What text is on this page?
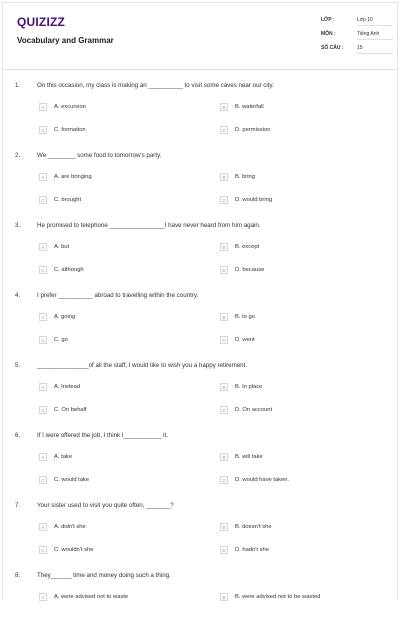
QUIZIZZ
Vocabulary and Grammar
LỚP :	Lớp 10
MÔN :	Tiếng Anh
SỐ CÂU :	15
1.	On this occasion, my class is making an __________ to visit some caves near our city.
A	A. excursion	B	B. waterfall
C	C. formation	D	D. permission
2.	We ________ some food to tomorrow's party.
A	A. are bringing	B	B. bring
C	C. brought	D	D. would bring
3.	He promised to telephone ________________I have never heard from him again.
A	A. but	B	B. except
C	C. although	D	D. because
4.	I prefer __________ abroad to travelling within the country.
A	A. going	B	B. to go
C	C. go	D	D. went
5.	_______________of all the staff, I would like to wish you a happy retirement.
A	A. Instead	B	B. In place
C	C. On behalf	D	D. On account
6.	If I were offered the job, I think I___________ it.
A	A. take	B	B. will take
C	C. would take	D	D. would have taken.
7.	Your sister used to visit you quite often, _______?
A	A. didn't she	B	B. doesn't she
C	C. wouldn't she	D	D. hadn't she
8.	They______ time and money doing such a thing.
A	A. were advised not to waste	B	B. were advised not to be wasted
